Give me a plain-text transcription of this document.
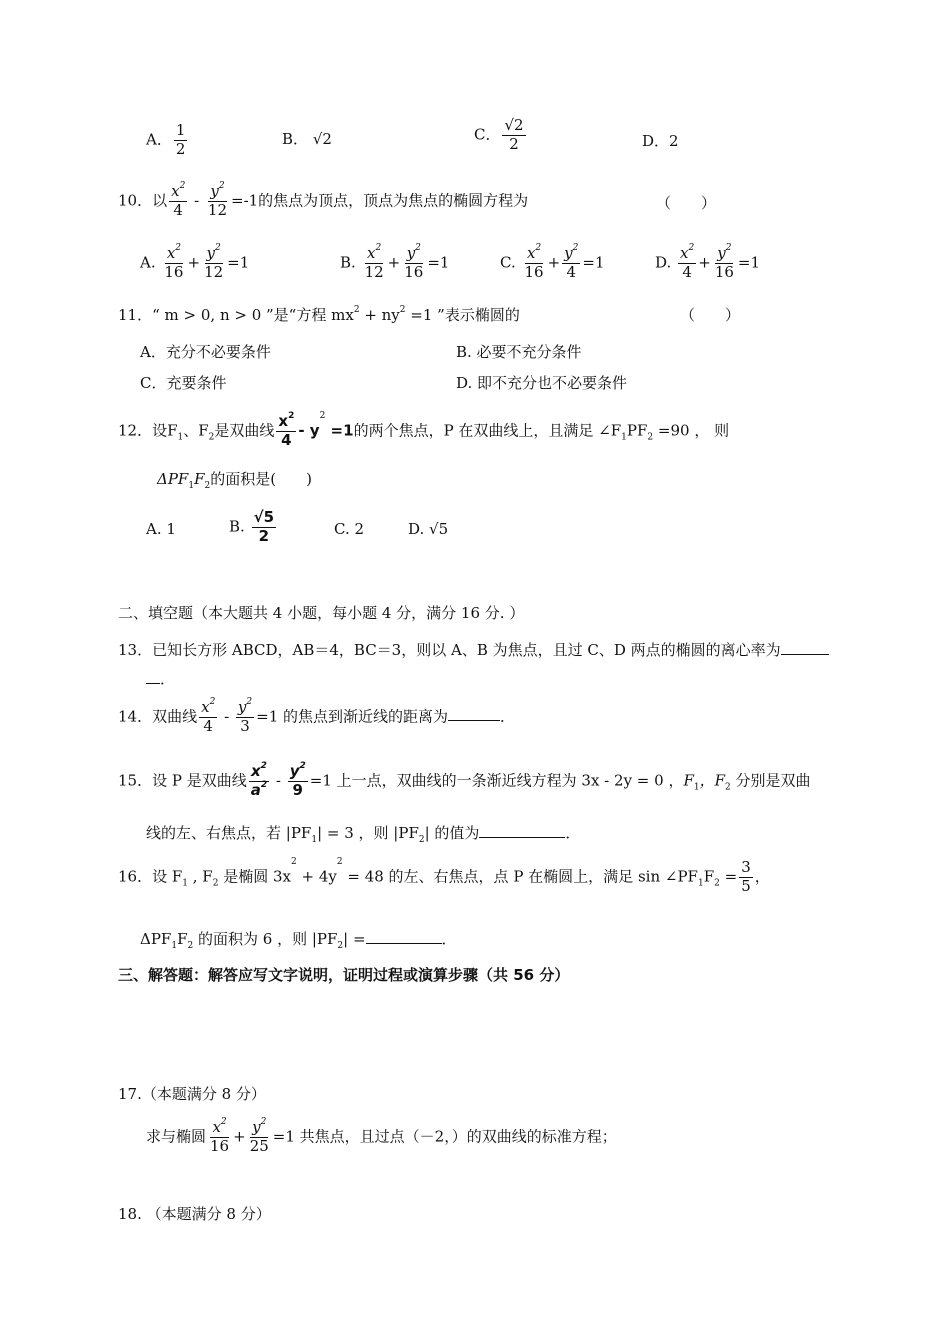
A． $\frac{1}{2}$	B． √2	C． $\frac{√2}{2}$	D．2
10．以 $\frac{x^2}{4} - \frac{y^2}{12} =-1$的焦点为顶点，顶点为焦点的椭圆方程为	（　　）
A. $\frac{x^2}{16} + \frac{y^2}{12} =1$	B. $\frac{x^2}{12} + \frac{y^2}{16} =1$	C. $\frac{x^2}{16} + \frac{y^2}{4} =1$	D. $\frac{x^2}{4} + \frac{y^2}{16} =1$
11．“ m > 0, n > 0 ”是“方程 $mx^2 + ny^2 =1$ ”表示椭圆的	（　　）
A．充分不必要条件	B. 必要不充分条件
C．充要条件	D. 即不充分也不必要条件
12．设$F_1$、$F_2$是双曲线 $\frac{x^2}{4} - y^2 =1$的两个焦点，P 在双曲线上，且满足 $\angle F_1PF_2 =90$ ， 则
$\Delta PF_1F_2$的面积是(　　)
A. 1	B. $\frac{√5}{2}$	C. 2	D. √5
二、填空题（本大题共 4 小题，每小题 4 分，满分 16 分. ）
13．已知长方形 ABCD，AB＝4，BC＝3，则以 A、B 为焦点，且过 C、D 两点的椭圆的离心率为
．
14．双曲线 $\frac{x^2}{4} - \frac{y^2}{3} =1$ 的焦点到渐近线的距离为	．
15．设 P 是双曲线 $\frac{x^2}{a^2} - \frac{y^2}{9} =1$ 上一点，双曲线的一条渐近线方程为 3x - 2y = 0 ，$F_1$，$F_2$ 分别是双曲
线的左、右焦点，若 $|PF_1| = 3$ ，则 $|PF_2|$ 的值为	．
16．设 $F_1$ , $F_2$ 是椭圆 $3x^2 + 4y^2 = 48$ 的左、右焦点，点 P 在椭圆上，满足 $\sin \angle PF_1F_2 = \frac{3}{5}$ ，
$\Delta PF_1F_2$ 的面积为 6 ，则 $|PF_2|$ =	．
三、解答题：解答应写文字说明，证明过程或演算步骤（共 56 分）
17.（本题满分 8 分）
求与椭圆 $\frac{x^2}{16} + \frac{y^2}{25} =1$ 共焦点，且过点（－2，）的双曲线的标准方程；
18. （本题满分 8 分）
